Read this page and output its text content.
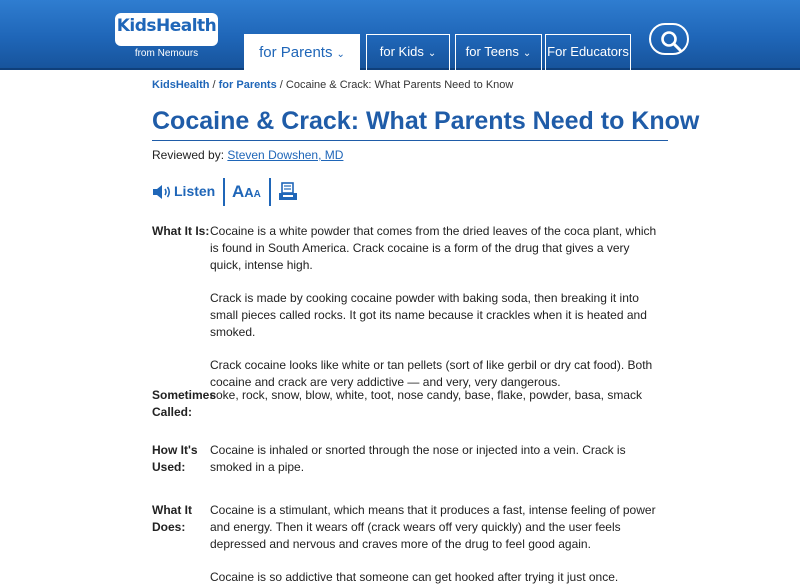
KidsHealth
from Nemours	for Parents ⌄	for Kids ⌄	for Teens ⌄	For Educators
KidsHealth / for Parents / Cocaine & Crack: What Parents Need to Know
Cocaine & Crack: What Parents Need to Know
Reviewed by: Steven Dowshen, MD
Listen AAA
What It Is: Cocaine is a white powder that comes from the dried leaves of the coca plant, which is found in South America. Crack cocaine is a form of the drug that gives a very quick, intense high.

Crack is made by cooking cocaine powder with baking soda, then breaking it into small pieces called rocks. It got its name because it crackles when it is heated and smoked.

Crack cocaine looks like white or tan pellets (sort of like gerbil or dry cat food). Both cocaine and crack are very addictive — and very, very dangerous.

Sometimes Called:

coke, rock, snow, blow, white, toot, nose candy, base, flake, powder, basa, smack

How It's Used:

Cocaine is inhaled or snorted through the nose or injected into a vein. Crack is smoked in a pipe.

What It Does:

Cocaine is a stimulant, which means that it produces a fast, intense feeling of power and energy. Then it wears off (crack wears off very quickly) and the user feels depressed and nervous and craves more of the drug to feel good again.

Cocaine is so addictive that someone can get hooked after trying it just once.
